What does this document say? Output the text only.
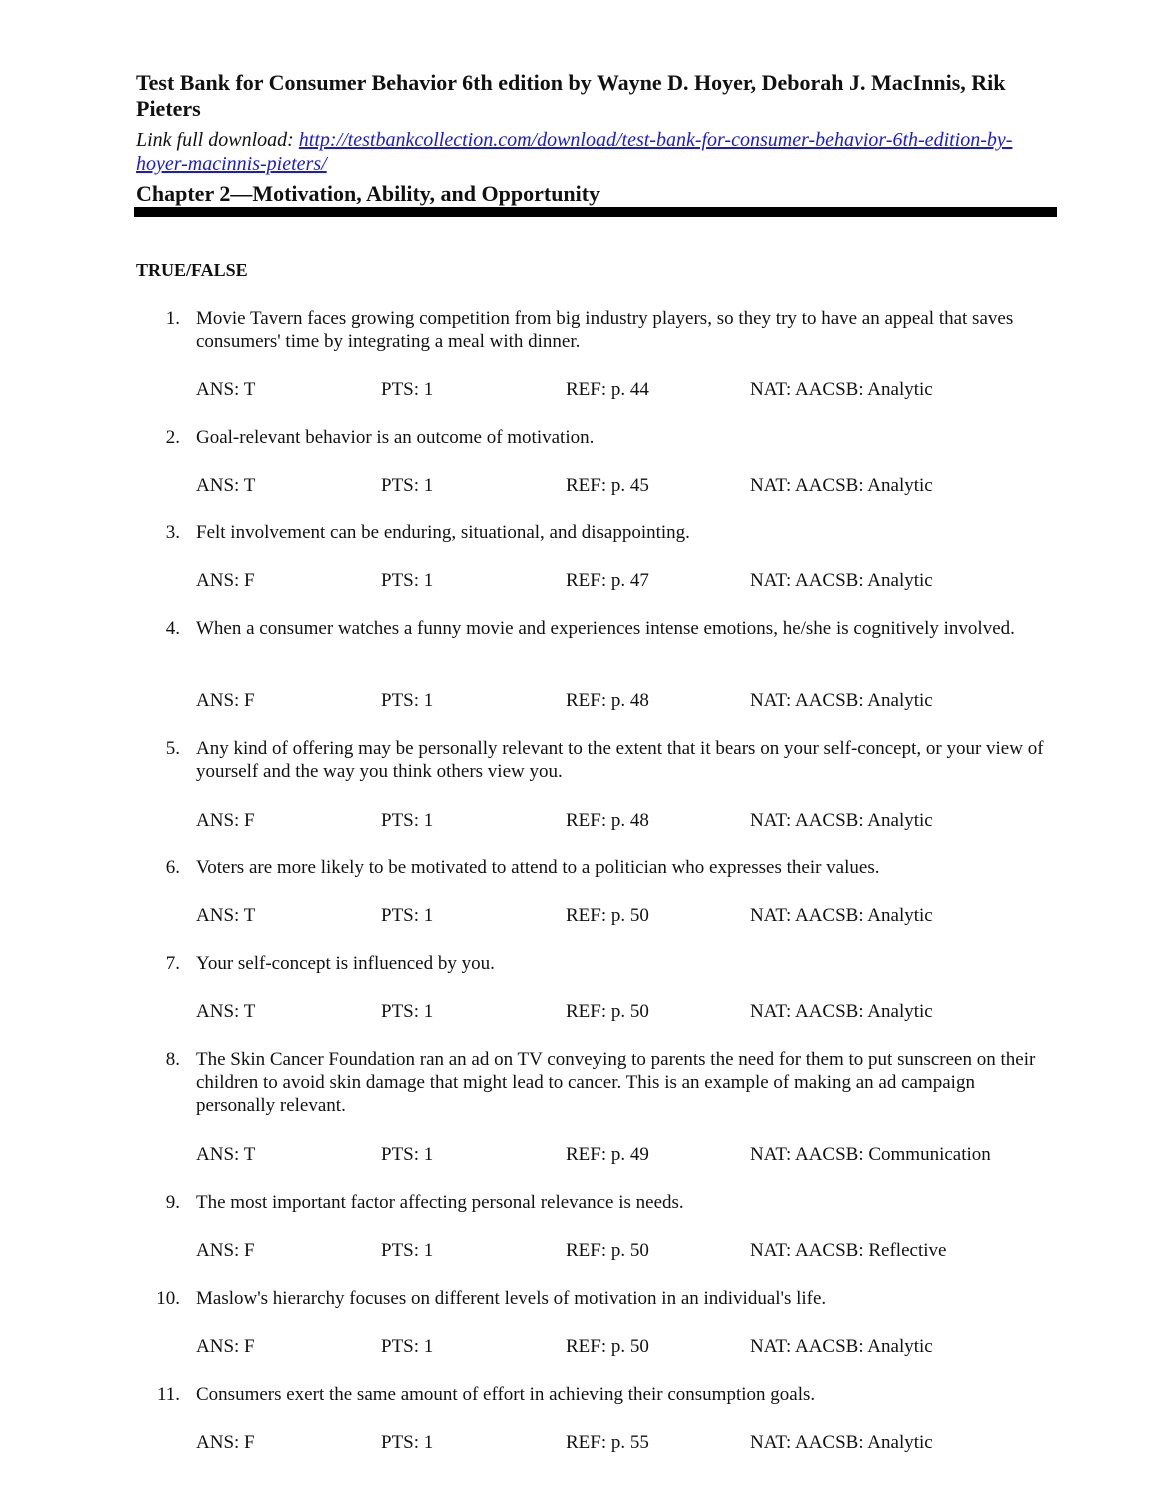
Test Bank for Consumer Behavior 6th edition by Wayne D. Hoyer, Deborah J. MacInnis, Rik Pieters
Link full download: http://testbankcollection.com/download/test-bank-for-consumer-behavior-6th-edition-by-hoyer-macinnis-pieters/
Chapter 2—Motivation, Ability, and Opportunity
TRUE/FALSE
1. Movie Tavern faces growing competition from big industry players, so they try to have an appeal that saves consumers' time by integrating a meal with dinner.
ANS: T	PTS: 1	REF: p. 44	NAT: AACSB: Analytic
2. Goal-relevant behavior is an outcome of motivation.
ANS: T	PTS: 1	REF: p. 45	NAT: AACSB: Analytic
3. Felt involvement can be enduring, situational, and disappointing.
ANS: F	PTS: 1	REF: p. 47	NAT: AACSB: Analytic
4. When a consumer watches a funny movie and experiences intense emotions, he/she is cognitively involved.
ANS: F	PTS: 1	REF: p. 48	NAT: AACSB: Analytic
5. Any kind of offering may be personally relevant to the extent that it bears on your self-concept, or your view of yourself and the way you think others view you.
ANS: F	PTS: 1	REF: p. 48	NAT: AACSB: Analytic
6. Voters are more likely to be motivated to attend to a politician who expresses their values.
ANS: T	PTS: 1	REF: p. 50	NAT: AACSB: Analytic
7. Your self-concept is influenced by you.
ANS: T	PTS: 1	REF: p. 50	NAT: AACSB: Analytic
8. The Skin Cancer Foundation ran an ad on TV conveying to parents the need for them to put sunscreen on their children to avoid skin damage that might lead to cancer. This is an example of making an ad campaign personally relevant.
ANS: T	PTS: 1	REF: p. 49	NAT: AACSB: Communication
9. The most important factor affecting personal relevance is needs.
ANS: F	PTS: 1	REF: p. 50	NAT: AACSB: Reflective
10. Maslow's hierarchy focuses on different levels of motivation in an individual's life.
ANS: F	PTS: 1	REF: p. 50	NAT: AACSB: Analytic
11. Consumers exert the same amount of effort in achieving their consumption goals.
ANS: F	PTS: 1	REF: p. 55	NAT: AACSB: Analytic
